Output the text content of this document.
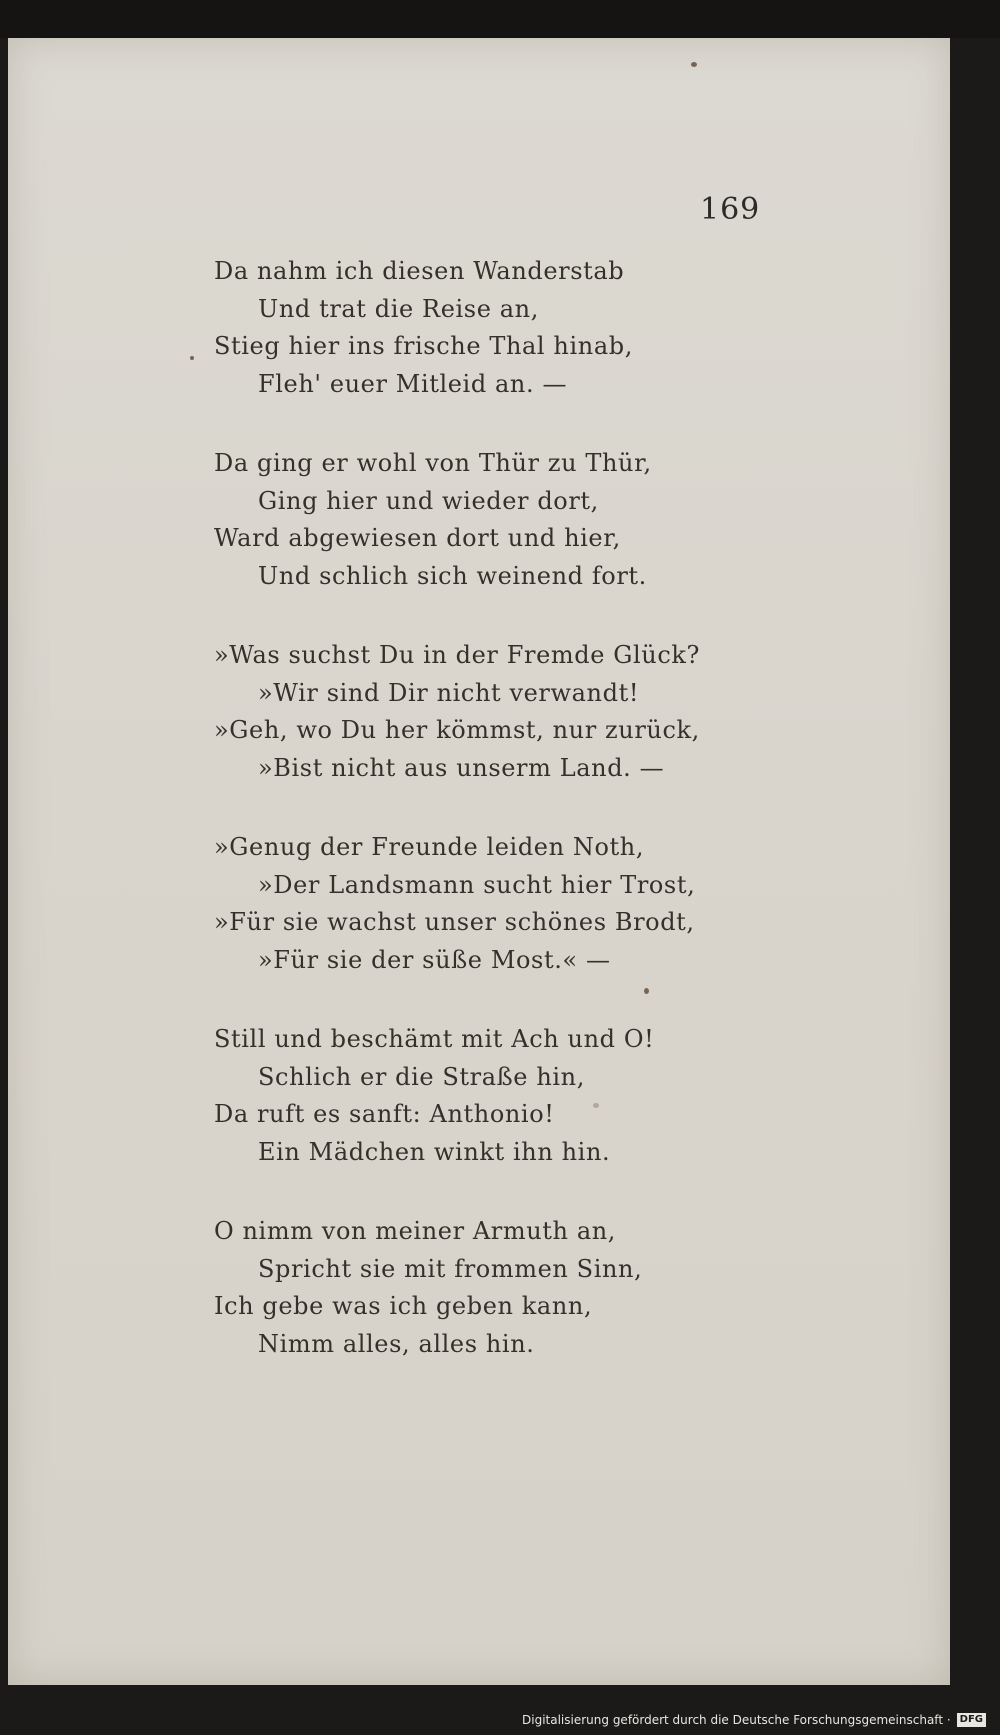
169
Da nahm ich diesen Wanderstab
Und trat die Reise an,
Stieg hier ins frische Thal hinab,
Fleh' euer Mitleid an. —
Da ging er wohl von Thür zu Thür,
Ging hier und wieder dort,
Ward abgewiesen dort und hier,
Und schlich sich weinend fort.
»Was suchst Du in der Fremde Glück?
»Wir sind Dir nicht verwandt!
»Geh, wo Du her kömmst, nur zurück,
»Bist nicht aus unserm Land. —
»Genug der Freunde leiden Noth,
»Der Landsmann sucht hier Trost,
»Für sie wachst unser schönes Brodt,
»Für sie der süße Most.« —
Still und beschämt mit Ach und O!
Schlich er die Straße hin,
Da ruft es sanft: Anthonio!
Ein Mädchen winkt ihn hin.
O nimm von meiner Armuth an,
Spricht sie mit frommen Sinn,
Ich gebe was ich geben kann,
Nimm alles, alles hin.
Digitalisierung gefördert durch die Deutsche Forschungsgemeinschaft · DFG
